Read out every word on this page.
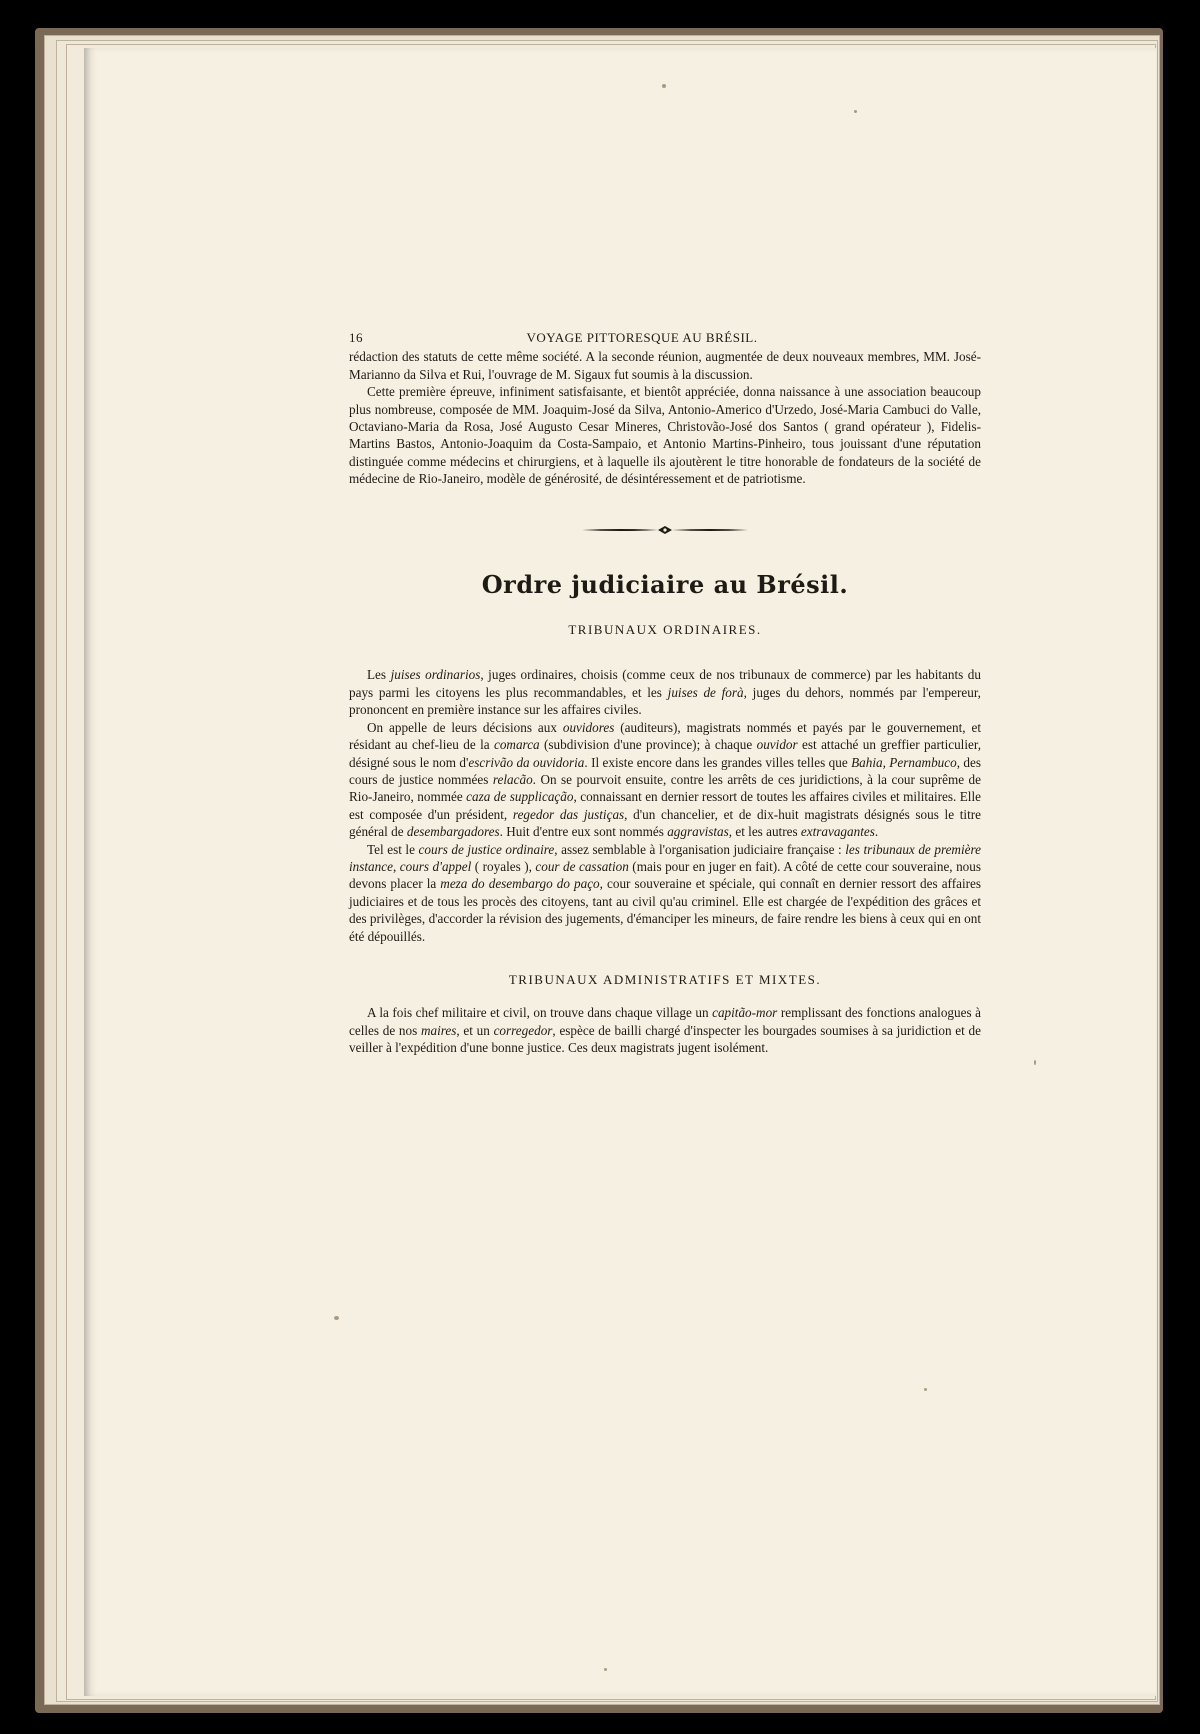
16	VOYAGE PITTORESQUE AU BRÉSIL.

rédaction des statuts de cette même société. A la seconde réunion, augmentée de deux nouveaux membres, MM. José-Marianno da Silva et Rui, l'ouvrage de M. Sigaux fut soumis à la discussion.

Cette première épreuve, infiniment satisfaisante, et bientôt appréciée, donna naissance à une association beaucoup plus nombreuse, composée de MM. Joaquim-José da Silva, Antonio-Americo d'Urzedo, José-Maria Cambuci do Valle, Octaviano-Maria da Rosa, José Augusto Cesar Mineres, Christovão-José dos Santos ( grand opérateur ), Fidelis-Martins Bastos, Antonio-Joaquim da Costa-Sampaio, et Antonio Martins-Pinheiro, tous jouissant d'une réputation distinguée comme médecins et chirurgiens, et à laquelle ils ajoutèrent le titre honorable de fondateurs de la société de médecine de Rio-Janeiro, modèle de générosité, de désintéressement et de patriotisme.

Ordre judiciaire au Brésil.
TRIBUNAUX ORDINAIRES.

Les juises ordinarios, juges ordinaires, choisis (comme ceux de nos tribunaux de commerce) par les habitants du pays parmi les citoyens les plus recommandables, et les juises de forà, juges du dehors, nommés par l'empereur, prononcent en première instance sur les affaires civiles.

On appelle de leurs décisions aux ouvidores (auditeurs), magistrats nommés et payés par le gouvernement, et résidant au chef-lieu de la comarca (subdivision d'une province); à chaque ouvidor est attaché un greffier particulier, désigné sous le nom d'escrivão da ouvidoria. Il existe encore dans les grandes villes telles que Bahia, Pernambuco, des cours de justice nommées relacão. On se pourvoit ensuite, contre les arrêts de ces juridictions, à la cour suprême de Rio-Janeiro, nommée caza de supplicação, connaissant en dernier ressort de toutes les affaires civiles et militaires. Elle est composée d'un président, regedor das justiças, d'un chancelier, et de dix-huit magistrats désignés sous le titre général de desembargadores. Huit d'entre eux sont nommés aggravistas, et les autres extravagantes.

Tel est le cours de justice ordinaire, assez semblable à l'organisation judiciaire française : les tribunaux de première instance, cours d'appel ( royales ), cour de cassation (mais pour en juger en fait). A côté de cette cour souveraine, nous devons placer la meza do desembargo do paço, cour souveraine et spéciale, qui connaît en dernier ressort des affaires judiciaires et de tous les procès des citoyens, tant au civil qu'au criminel. Elle est chargée de l'expédition des grâces et des privilèges, d'accorder la révision des jugements, d'émanciper les mineurs, de faire rendre les biens à ceux qui en ont été dépouillés.

TRIBUNAUX ADMINISTRATIFS ET MIXTES.

A la fois chef militaire et civil, on trouve dans chaque village un capitão-mor remplissant des fonctions analogues à celles de nos maires, et un corregedor, espèce de bailli chargé d'inspecter les bourgades soumises à sa juridiction et de veiller à l'expédition d'une bonne justice. Ces deux magistrats jugent isolément.
